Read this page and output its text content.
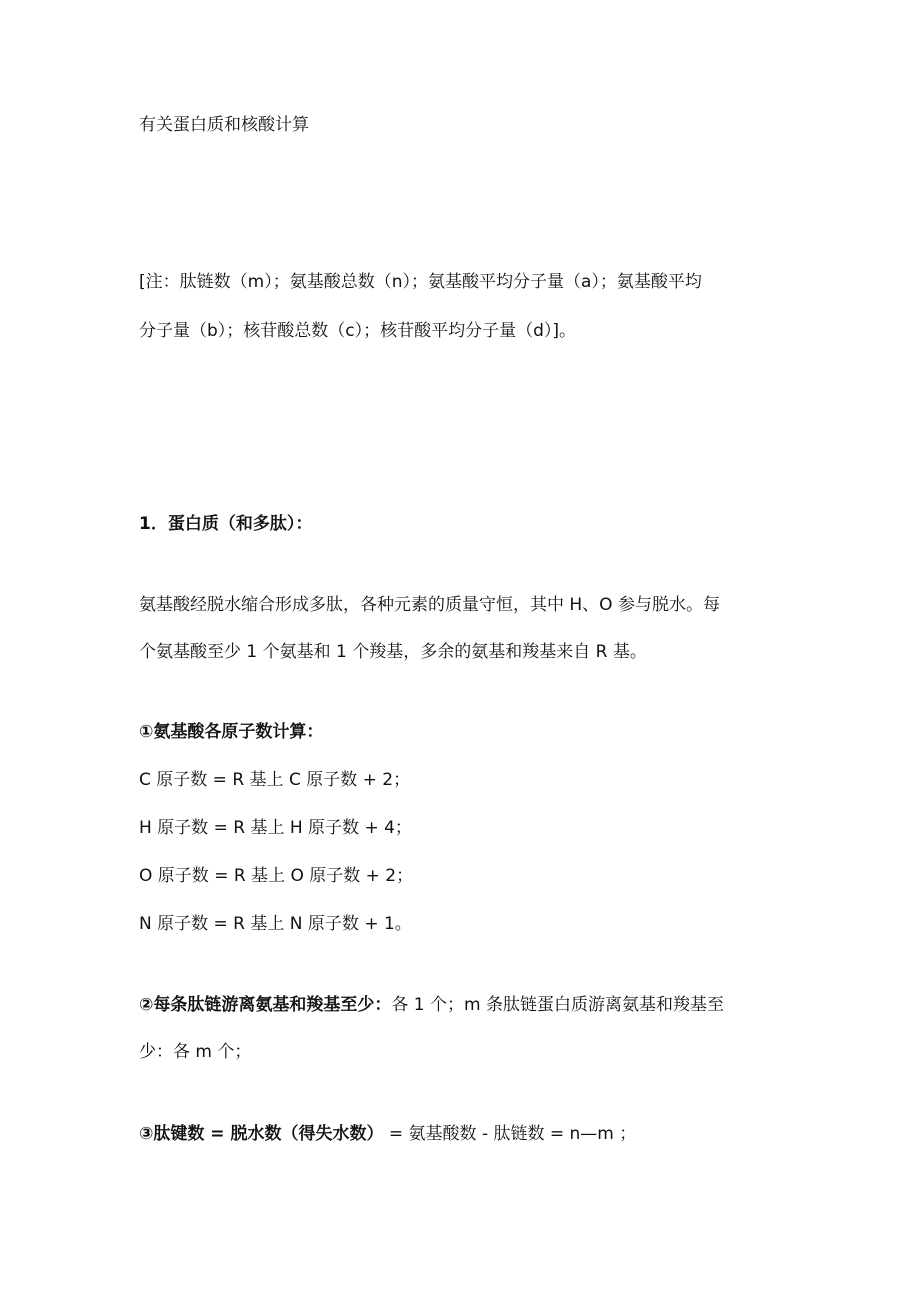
有关蛋白质和核酸计算
[注：肽链数（m）；氨基酸总数（n）；氨基酸平均分子量（a）；氨基酸平均
分子量（b）；核苷酸总数（c）；核苷酸平均分子量（d）]。
1．蛋白质（和多肽）：
氨基酸经脱水缩合形成多肽，各种元素的质量守恒，其中 H、O 参与脱水。每
个氨基酸至少 1 个氨基和 1 个羧基，多余的氨基和羧基来自 R 基。
①氨基酸各原子数计算：
C 原子数 = R 基上 C 原子数 + 2；
H 原子数 = R 基上 H 原子数 + 4；
O 原子数 = R 基上 O 原子数 + 2；
N 原子数 = R 基上 N 原子数 + 1。
②每条肽链游离氨基和羧基至少：各 1 个；m 条肽链蛋白质游离氨基和羧基至
少：各 m 个；
③肽键数 = 脱水数（得失水数） = 氨基酸数 - 肽链数 = n—m ；
